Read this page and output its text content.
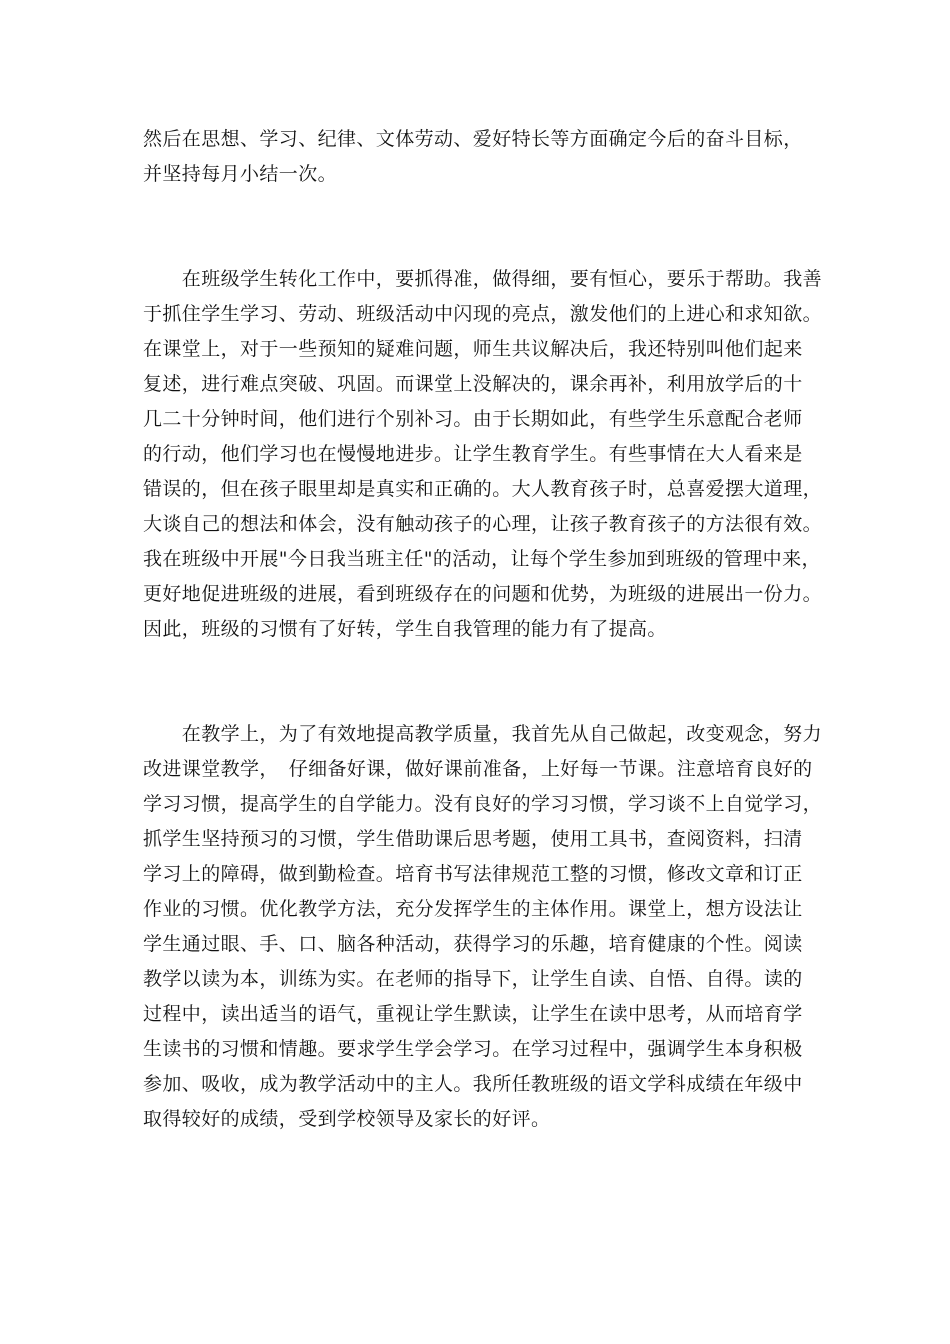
然后在思想、学习、纪律、文体劳动、爱好特长等方面确定今后的奋斗目标，
并坚持每月小结一次。
　　在班级学生转化工作中，要抓得准，做得细，要有恒心，要乐于帮助。我善
于抓住学生学习、劳动、班级活动中闪现的亮点，激发他们的上进心和求知欲。
在课堂上，对于一些预知的疑难问题，师生共议解决后，我还特别叫他们起来
复述，进行难点突破、巩固。而课堂上没解决的，课余再补，利用放学后的十
几二十分钟时间，他们进行个别补习。由于长期如此，有些学生乐意配合老师
的行动，他们学习也在慢慢地进步。让学生教育学生。有些事情在大人看来是
错误的，但在孩子眼里却是真实和正确的。大人教育孩子时，总喜爱摆大道理，
大谈自己的想法和体会，没有触动孩子的心理，让孩子教育孩子的方法很有效。
我在班级中开展"今日我当班主任"的活动，让每个学生参加到班级的管理中来，
更好地促进班级的进展，看到班级存在的问题和优势，为班级的进展出一份力。
因此，班级的习惯有了好转，学生自我管理的能力有了提高。
　　在教学上，为了有效地提高教学质量，我首先从自己做起，改变观念，努力
改进课堂教学，　仔细备好课，做好课前准备，上好每一节课。注意培育良好的
学习习惯，提高学生的自学能力。没有良好的学习习惯，学习谈不上自觉学习，
抓学生坚持预习的习惯，学生借助课后思考题，使用工具书，查阅资料，扫清
学习上的障碍，做到勤检查。培育书写法律规范工整的习惯，修改文章和订正
作业的习惯。优化教学方法，充分发挥学生的主体作用。课堂上，想方设法让
学生通过眼、手、口、脑各种活动，获得学习的乐趣，培育健康的个性。阅读
教学以读为本，训练为实。在老师的指导下，让学生自读、自悟、自得。读的
过程中，读出适当的语气，重视让学生默读，让学生在读中思考，从而培育学
生读书的习惯和情趣。要求学生学会学习。在学习过程中，强调学生本身积极
参加、吸收，成为教学活动中的主人。我所任教班级的语文学科成绩在年级中
取得较好的成绩，受到学校领导及家长的好评。
